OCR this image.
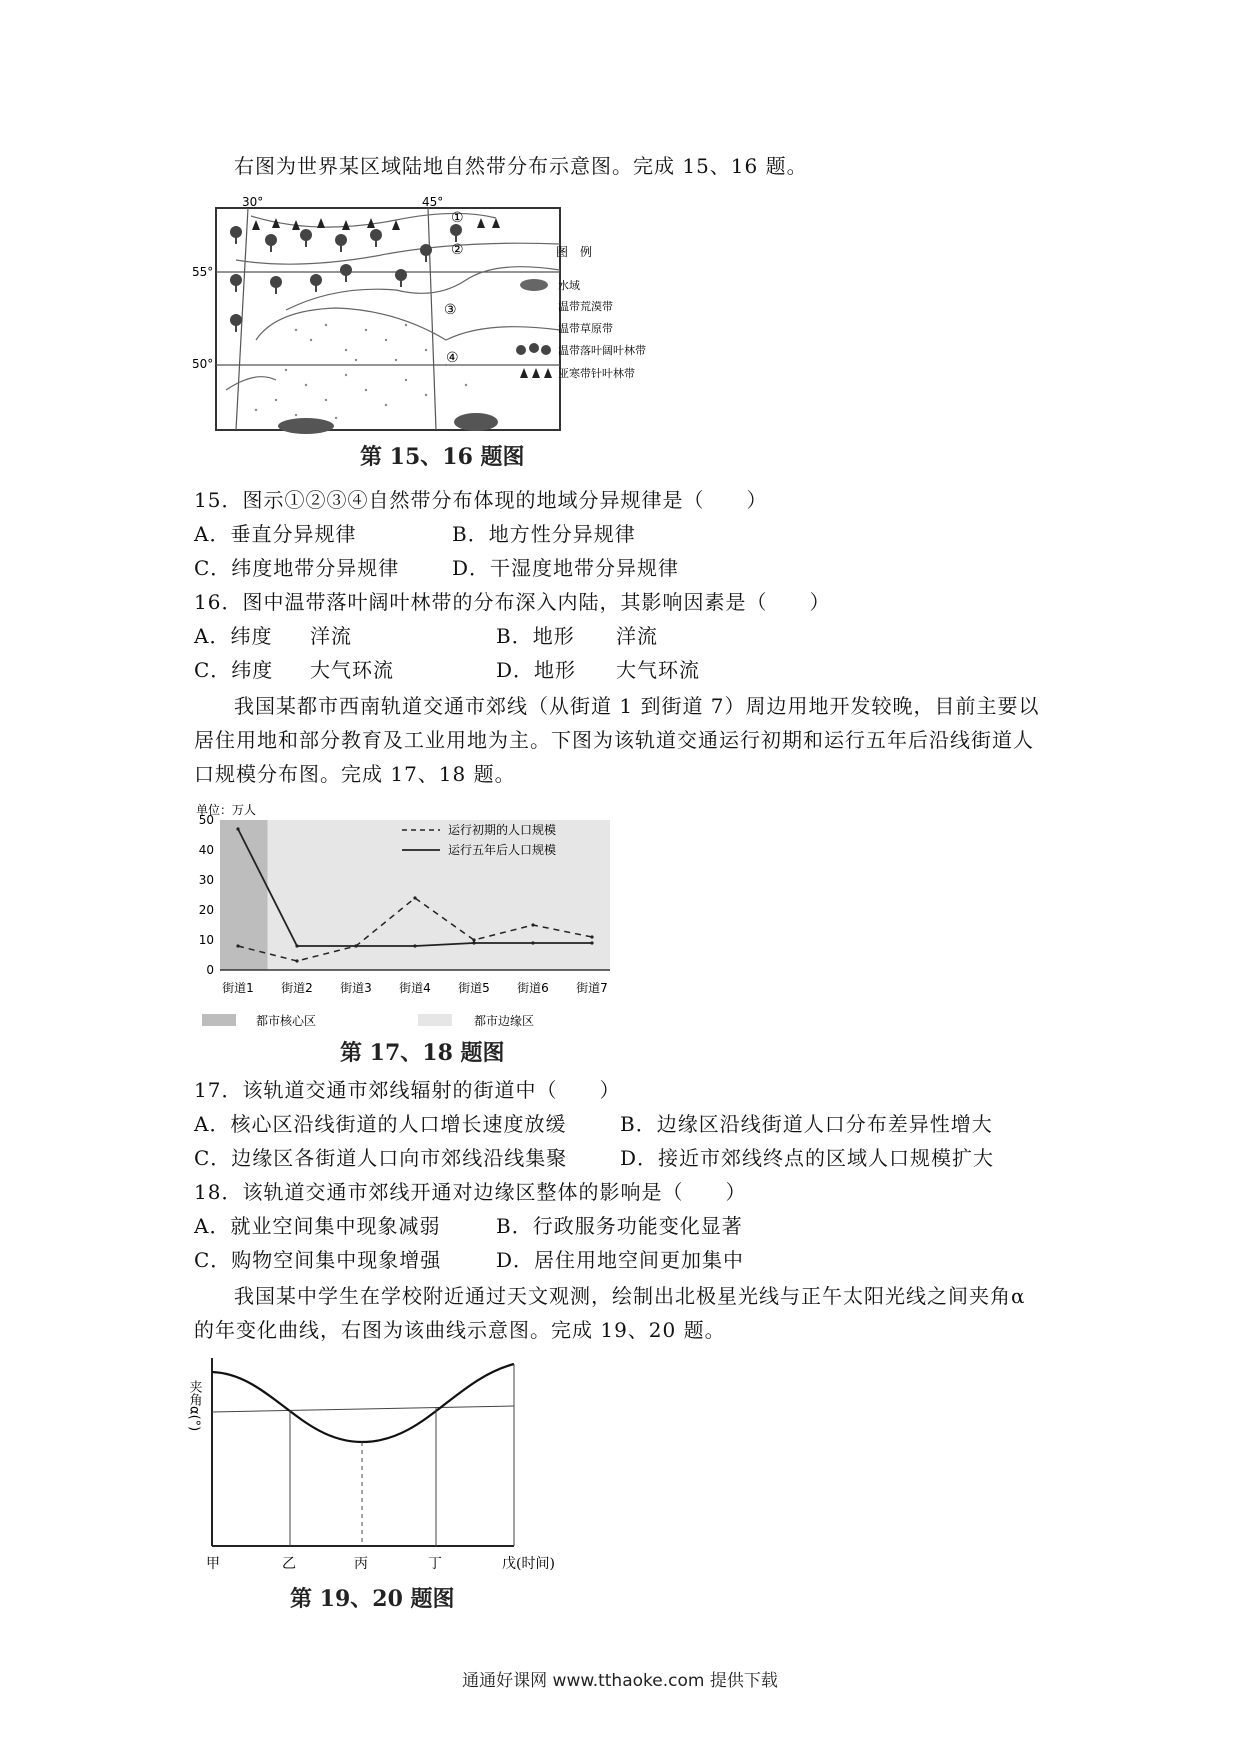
右图为世界某区域陆地自然带分布示意图。完成 15、16 题。
30°	45°
55°
50°
①
②
③
④
图　例
水域
温带荒漠带
温带草原带
温带落叶阔叶林带
亚寒带针叶林带
第 15、16 题图
15．图示①②③④自然带分布体现的地域分异规律是（　　）
A．垂直分异规律	B．地方性分异规律
C．纬度地带分异规律	D．干湿度地带分异规律
16．图中温带落叶阔叶林带的分布深入内陆，其影响因素是（　　）
A．纬度 洋流	B．地形 洋流
C．纬度 大气环流	D．地形 大气环流
我国某都市西南轨道交通市郊线（从街道 1 到街道 7）周边用地开发较晚，目前主要以
居住用地和部分教育及工业用地为主。下图为该轨道交通运行初期和运行五年后沿线街道人
口规模分布图。完成 17、18 题。
单位：万人
0
10
20
30
40
50
街道1 街道2 街道3 街道4 街道5 街道6 街道7
运行初期的人口规模
运行五年后人口规模
都市核心区	都市边缘区
第 17、18 题图
17．该轨道交通市郊线辐射的街道中（　　）
A．核心区沿线街道的人口增长速度放缓	B．边缘区沿线街道人口分布差异性增大
C．边缘区各街道人口向市郊线沿线集聚	D．接近市郊线终点的区域人口规模扩大
18．该轨道交通市郊线开通对边缘区整体的影响是（　　）
A．就业空间集中现象减弱	B．行政服务功能变化显著
C．购物空间集中现象增强	D．居住用地空间更加集中
我国某中学生在学校附近通过天文观测，绘制出北极星光线与正午太阳光线之间夹角α
的年变化曲线，右图为该曲线示意图。完成 19、20 题。
夹角α(°)
甲	乙	丙	丁	戊(时间)
第 19、20 题图
通通好课网 www.tthaoke.com 提供下载
